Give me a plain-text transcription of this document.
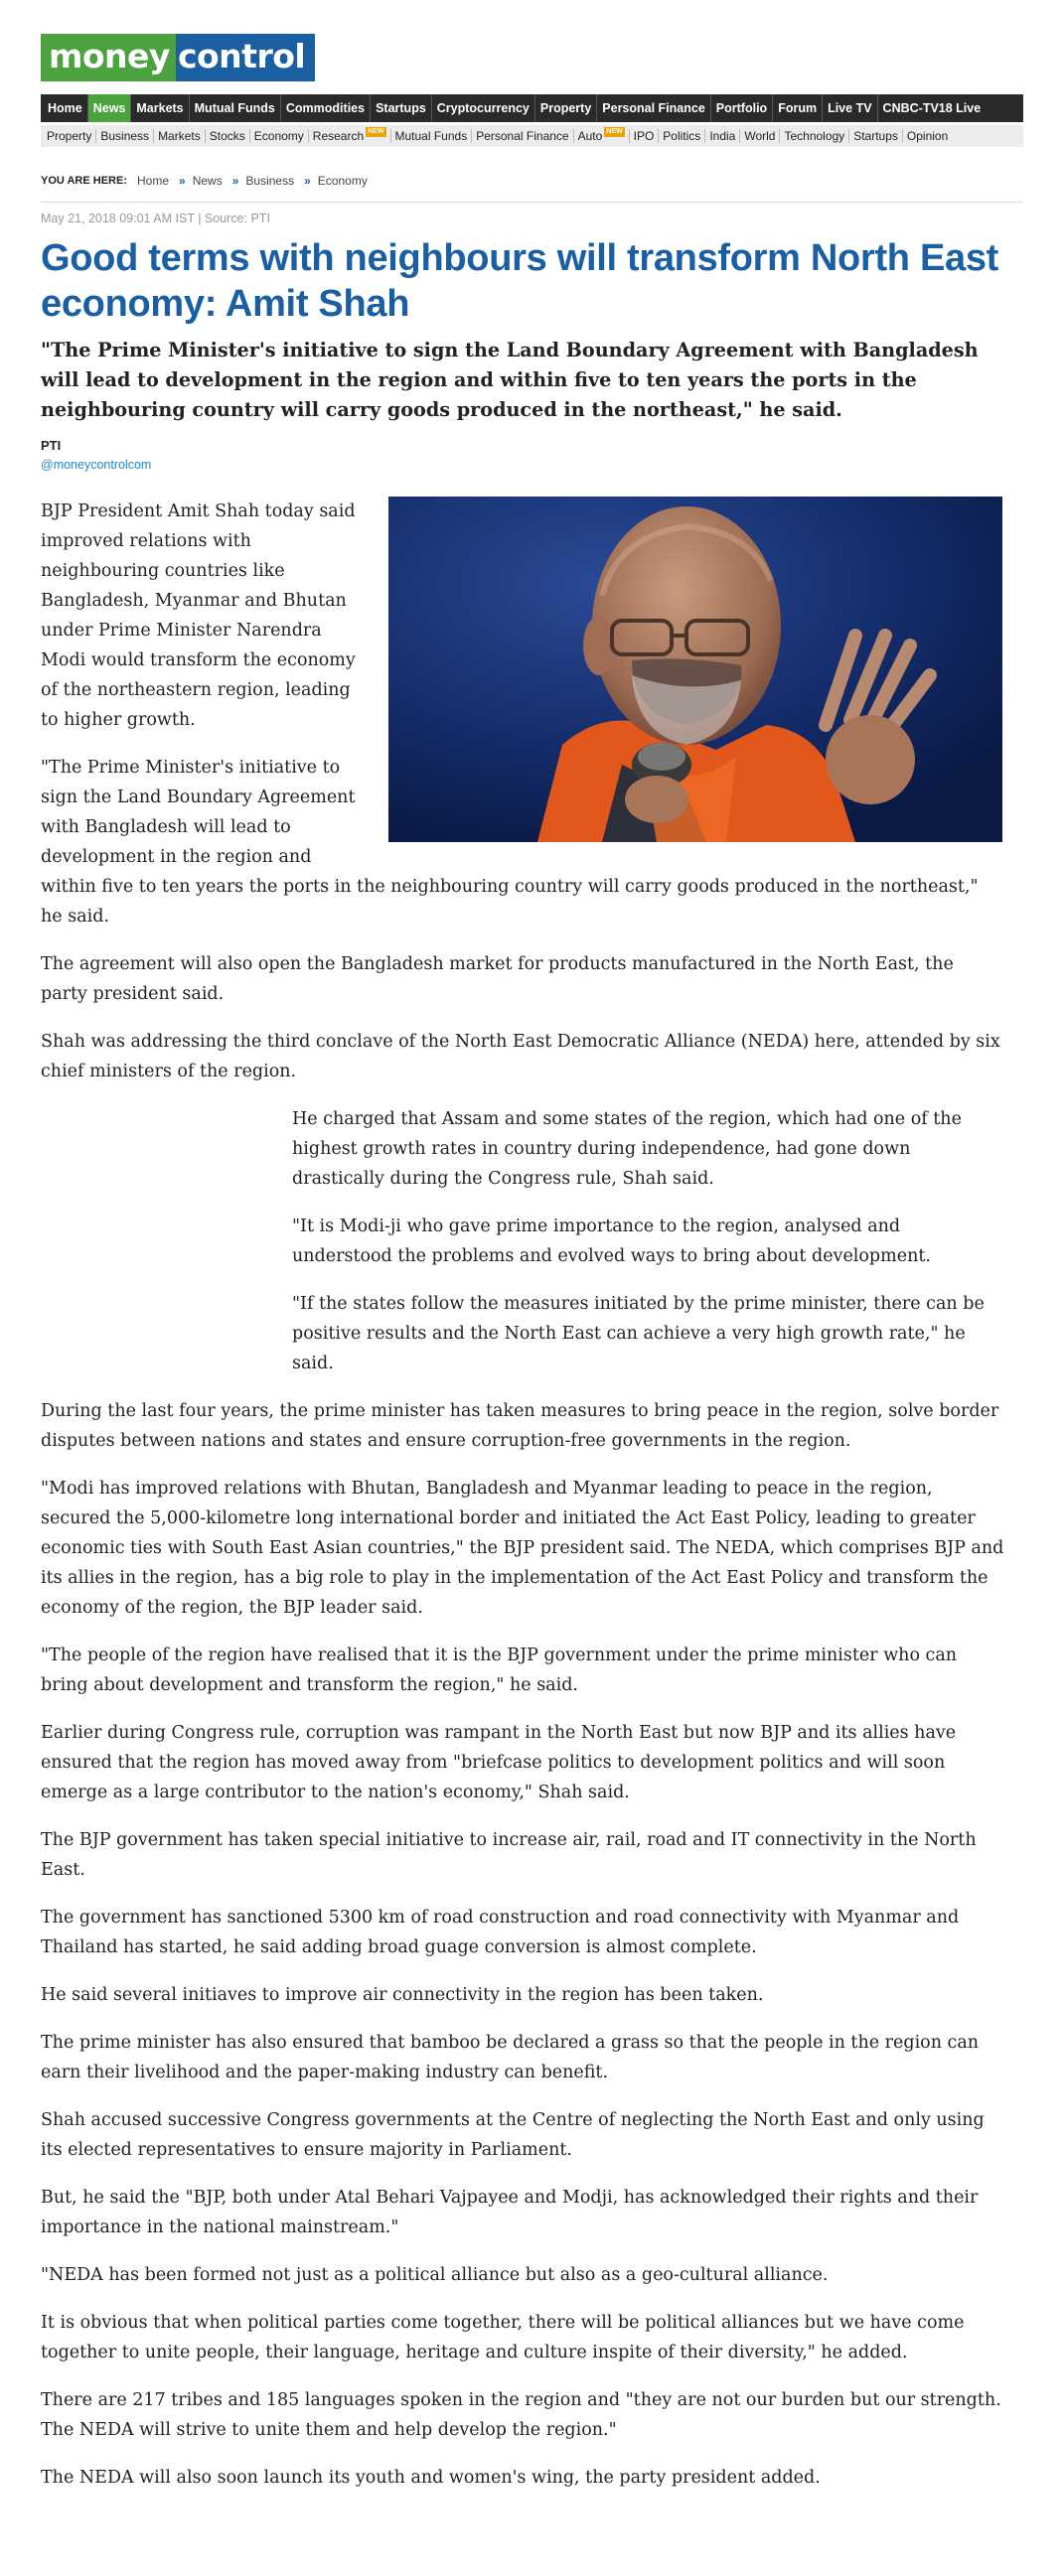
money control
Home News Markets Mutual Funds Commodities Startups Cryptocurrency Property Personal Finance Portfolio Forum Live TV CNBC-TV18 Live
Property Business Markets Stocks Economy Research NEW Mutual Funds Personal Finance Auto NEW IPO Politics India World Technology Startups Opinion
YOU ARE HERE: Home » News » Business » Economy
May 21, 2018 09:01 AM IST | Source: PTI
Good terms with neighbours will transform North East economy: Amit Shah
"The Prime Minister's initiative to sign the Land Boundary Agreement with Bangladesh will lead to development in the region and within five to ten years the ports in the neighbouring country will carry goods produced in the northeast," he said.
PTI
@moneycontrolcom

BJP President Amit Shah today said improved relations with neighbouring countries like Bangladesh, Myanmar and Bhutan under Prime Minister Narendra Modi would transform the economy of the northeastern region, leading to higher growth.

"The Prime Minister's initiative to sign the Land Boundary Agreement with Bangladesh will lead to development in the region and within five to ten years the ports in the neighbouring country will carry goods produced in the northeast," he said.

The agreement will also open the Bangladesh market for products manufactured in the North East, the party president said.

Shah was addressing the third conclave of the North East Democratic Alliance (NEDA) here, attended by six chief ministers of the region.

He charged that Assam and some states of the region, which had one of the highest growth rates in country during independence, had gone down drastically during the Congress rule, Shah said.

"It is Modi-ji who gave prime importance to the region, analysed and understood the problems and evolved ways to bring about development.

"If the states follow the measures initiated by the prime minister, there can be positive results and the North East can achieve a very high growth rate," he said.

During the last four years, the prime minister has taken measures to bring peace in the region, solve border disputes between nations and states and ensure corruption-free governments in the region.

"Modi has improved relations with Bhutan, Bangladesh and Myanmar leading to peace in the region, secured the 5,000-kilometre long international border and initiated the Act East Policy, leading to greater economic ties with South East Asian countries," the BJP president said. The NEDA, which comprises BJP and its allies in the region, has a big role to play in the implementation of the Act East Policy and transform the economy of the region, the BJP leader said.

"The people of the region have realised that it is the BJP government under the prime minister who can bring about development and transform the region," he said.

Earlier during Congress rule, corruption was rampant in the North East but now BJP and its allies have ensured that the region has moved away from "briefcase politics to development politics and will soon emerge as a large contributor to the nation's economy," Shah said.

The BJP government has taken special initiative to increase air, rail, road and IT connectivity in the North East.

The government has sanctioned 5300 km of road construction and road connectivity with Myanmar and Thailand has started, he said adding broad guage conversion is almost complete.

He said several initiaves to improve air connectivity in the region has been taken.

The prime minister has also ensured that bamboo be declared a grass so that the people in the region can earn their livelihood and the paper-making industry can benefit.

Shah accused successive Congress governments at the Centre of neglecting the North East and only using its elected representatives to ensure majority in Parliament.

But, he said the "BJP, both under Atal Behari Vajpayee and Modji, has acknowledged their rights and their importance in the national mainstream."

"NEDA has been formed not just as a political alliance but also as a geo-cultural alliance.

It is obvious that when political parties come together, there will be political alliances but we have come together to unite people, their language, heritage and culture inspite of their diversity," he added.

There are 217 tribes and 185 languages spoken in the region and "they are not our burden but our strength. The NEDA will strive to unite them and help develop the region."

The NEDA will also soon launch its youth and women's wing, the party president added.
